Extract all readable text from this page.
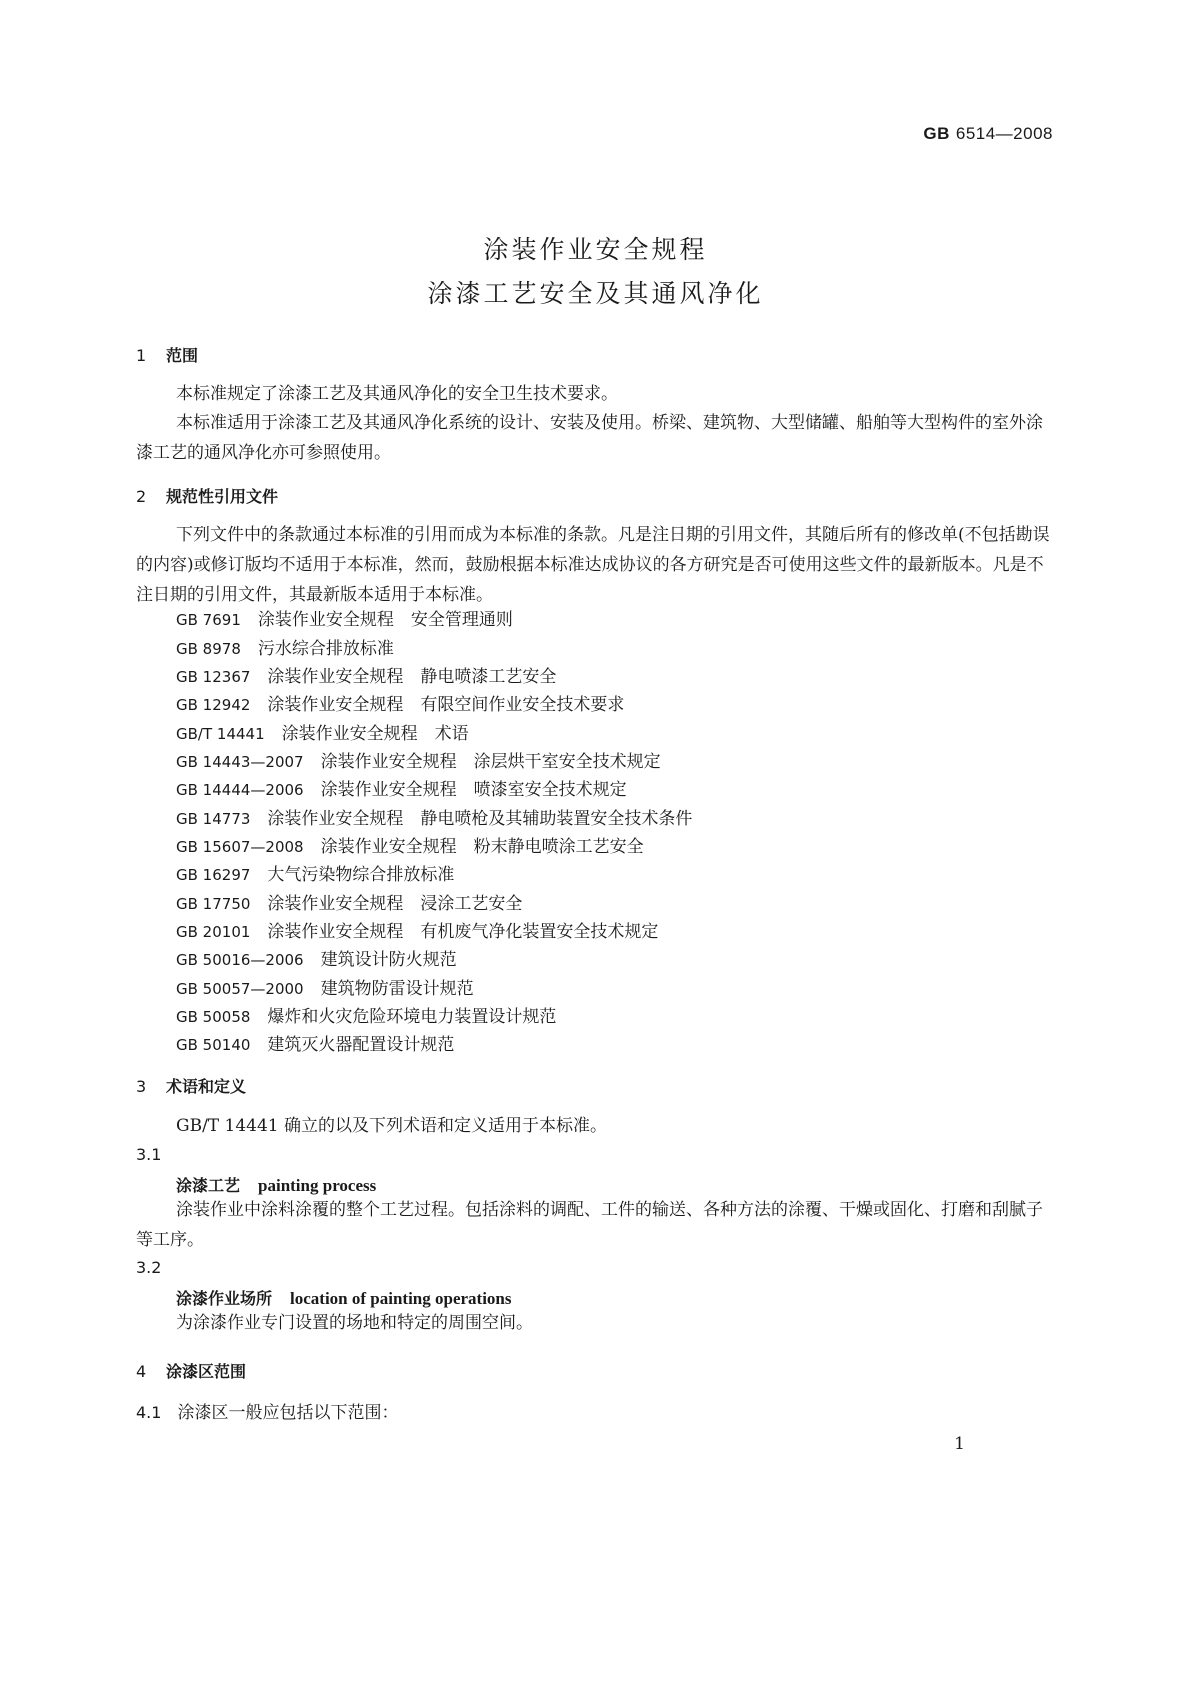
GB 6514—2008
涂装作业安全规程
涂漆工艺安全及其通风净化
1 范围
本标准规定了涂漆工艺及其通风净化的安全卫生技术要求。
本标准适用于涂漆工艺及其通风净化系统的设计、安装及使用。桥梁、建筑物、大型储罐、船舶等大型构件的室外涂漆工艺的通风净化亦可参照使用。
2 规范性引用文件
下列文件中的条款通过本标准的引用而成为本标准的条款。凡是注日期的引用文件，其随后所有的修改单(不包括勘误的内容)或修订版均不适用于本标准，然而，鼓励根据本标准达成协议的各方研究是否可使用这些文件的最新版本。凡是不注日期的引用文件，其最新版本适用于本标准。
GB 7691　 涂装作业安全规程　安全管理通则
GB 8978　 污水综合排放标准
GB 12367　 涂装作业安全规程　静电喷漆工艺安全
GB 12942　 涂装作业安全规程　有限空间作业安全技术要求
GB/T 14441　 涂装作业安全规程　术语
GB 14443—2007　 涂装作业安全规程　涂层烘干室安全技术规定
GB 14444—2006　 涂装作业安全规程　喷漆室安全技术规定
GB 14773　 涂装作业安全规程　静电喷枪及其辅助装置安全技术条件
GB 15607—2008　 涂装作业安全规程　粉末静电喷涂工艺安全
GB 16297　 大气污染物综合排放标准
GB 17750　 涂装作业安全规程　浸涂工艺安全
GB 20101　 涂装作业安全规程　有机废气净化装置安全技术规定
GB 50016—2006　 建筑设计防火规范
GB 50057—2000　 建筑物防雷设计规范
GB 50058　 爆炸和火灾危险环境电力装置设计规范
GB 50140　 建筑灭火器配置设计规范
3 术语和定义
GB/T 14441 确立的以及下列术语和定义适用于本标准。
3.1
涂漆工艺 painting process
涂装作业中涂料涂覆的整个工艺过程。包括涂料的调配、工件的输送、各种方法的涂覆、干燥或固化、打磨和刮腻子等工序。
3.2
涂漆作业场所 location of painting operations
为涂漆作业专门设置的场地和特定的周围空间。
4 涂漆区范围
4.1 涂漆区一般应包括以下范围：
1
